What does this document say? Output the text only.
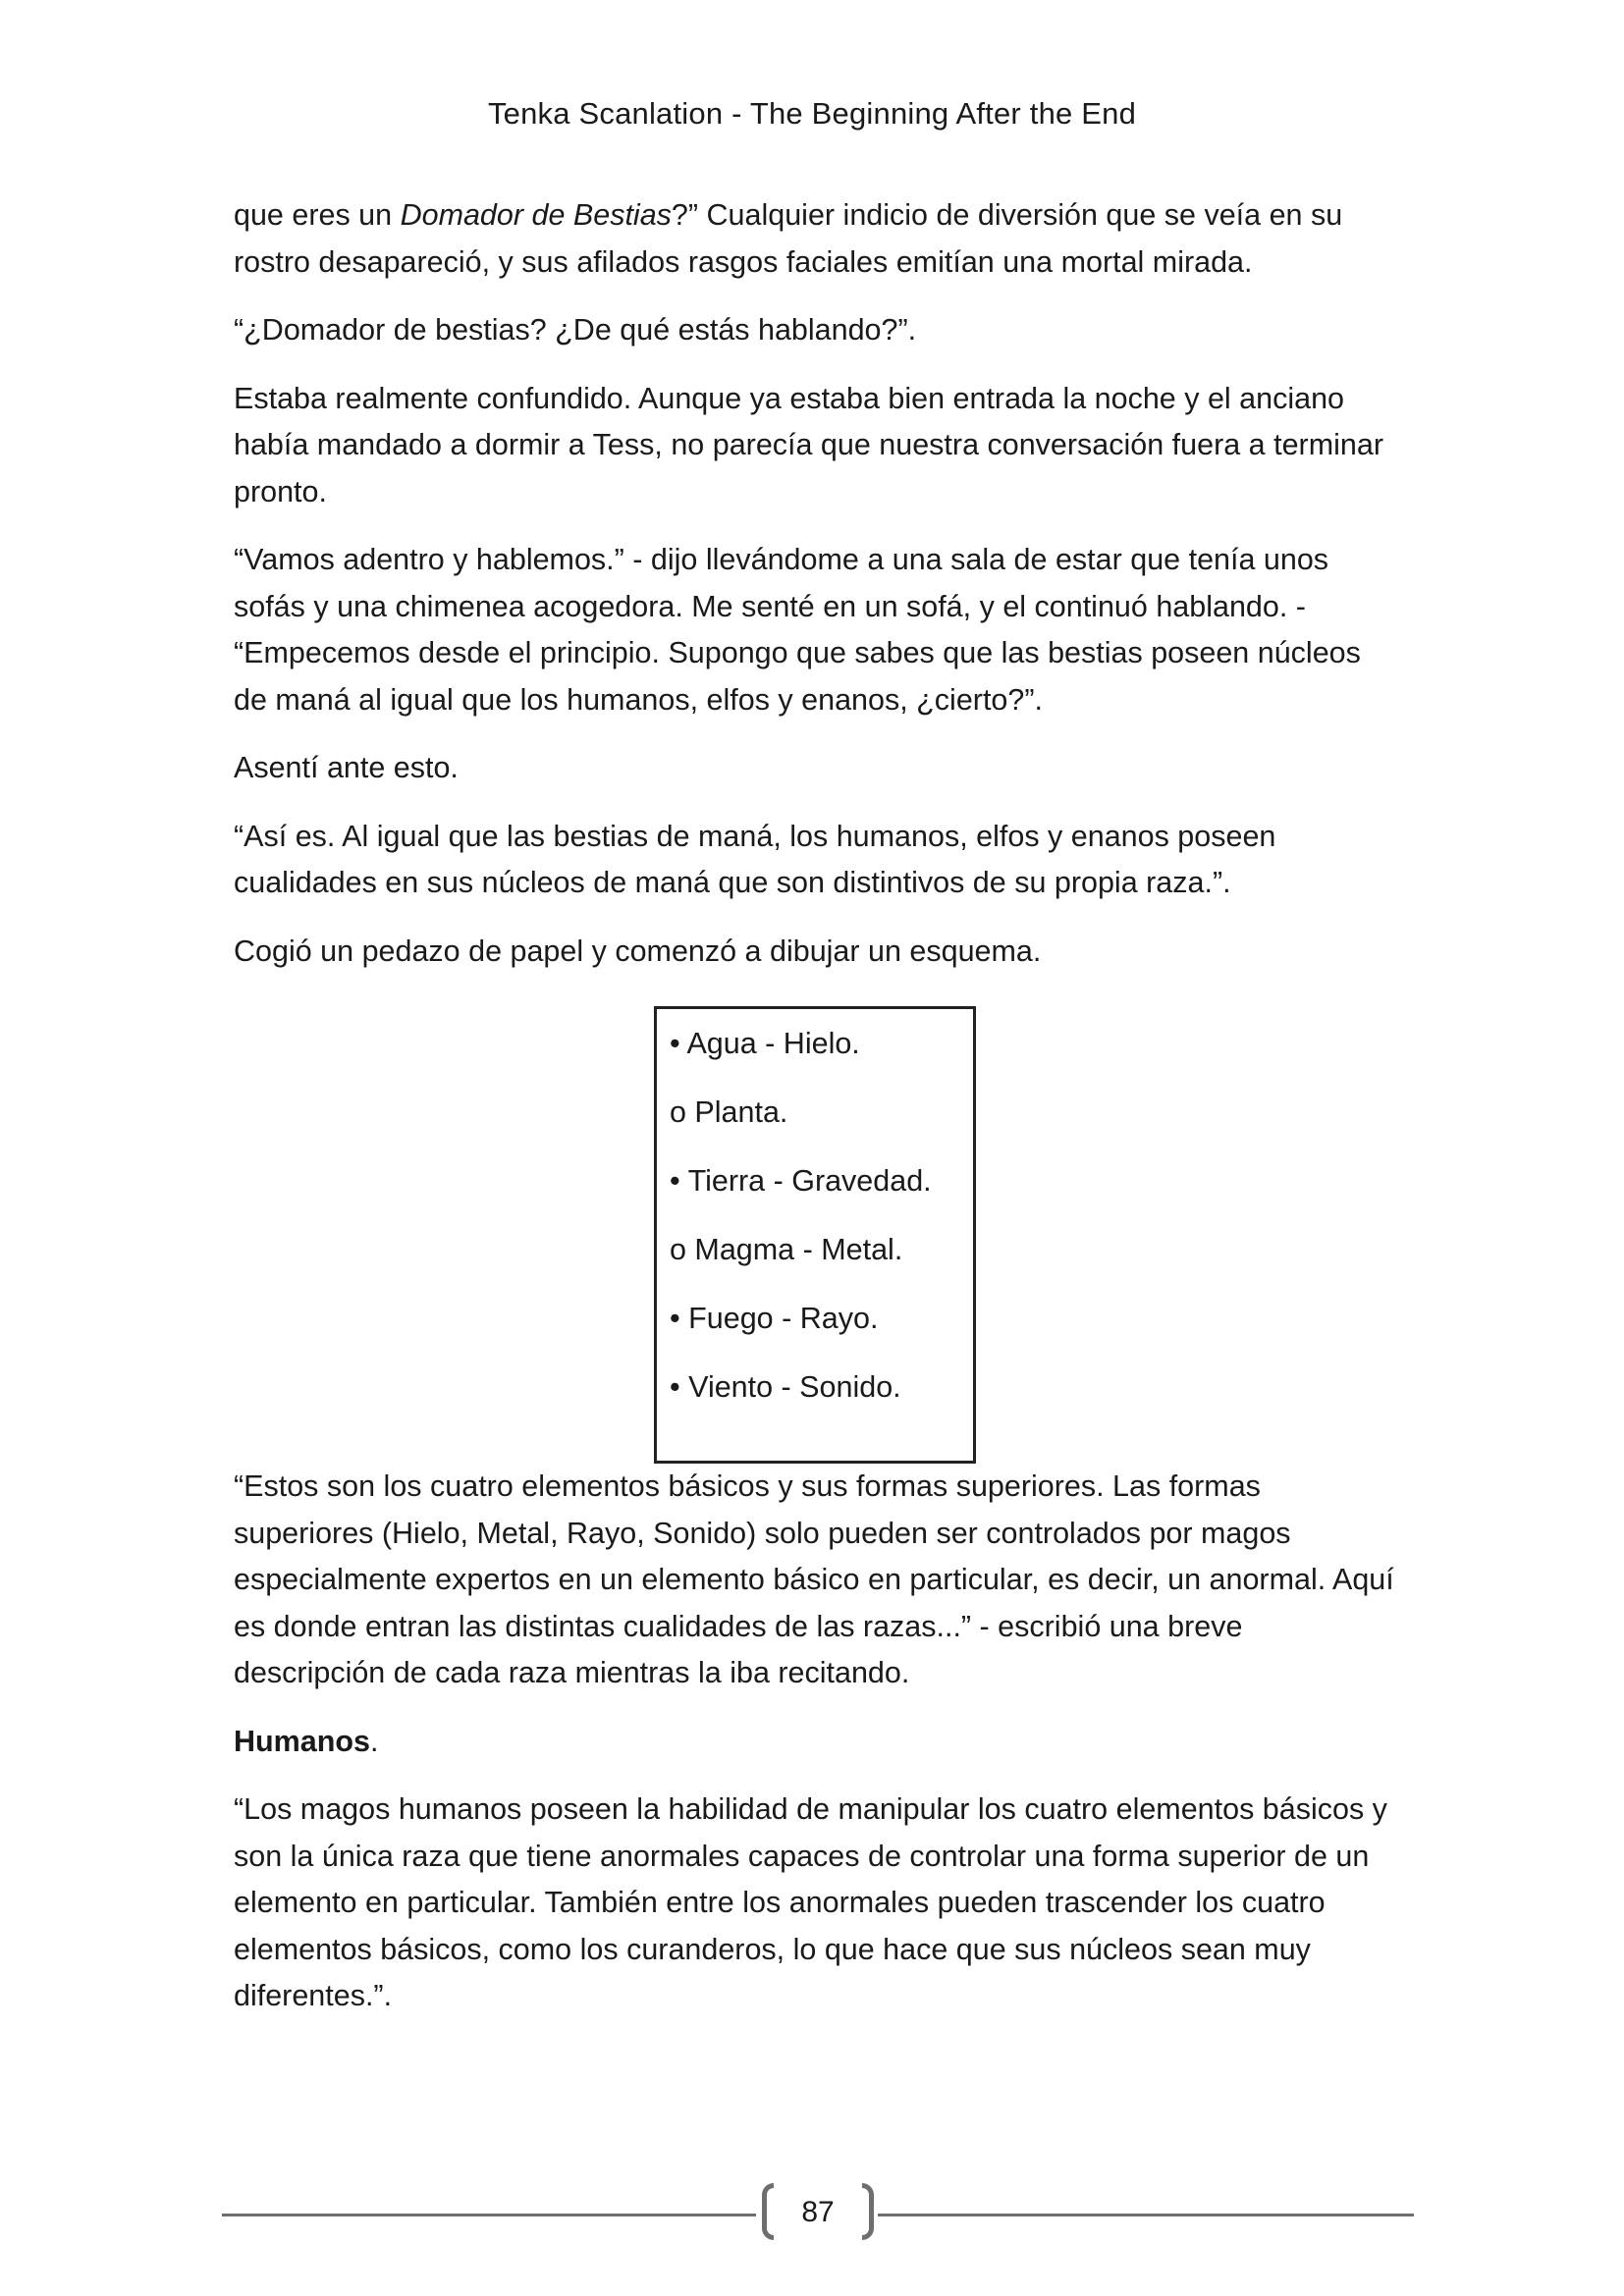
Tenka Scanlation - The Beginning After the End

que eres un Domador de Bestias?” Cualquier indicio de diversión que se veía en su rostro desapareció, y sus afilados rasgos faciales emitían una mortal mirada.

“¿Domador de bestias? ¿De qué estás hablando?”.

Estaba realmente confundido. Aunque ya estaba bien entrada la noche y el anciano había mandado a dormir a Tess, no parecía que nuestra conversación fuera a terminar pronto.

“Vamos adentro y hablemos.” - dijo llevándome a una sala de estar que tenía unos sofás y una chimenea acogedora. Me senté en un sofá, y el continuó hablando. - “Empecemos desde el principio. Supongo que sabes que las bestias poseen núcleos de maná al igual que los humanos, elfos y enanos, ¿cierto?”.

Asentí ante esto.

“Así es. Al igual que las bestias de maná, los humanos, elfos y enanos poseen cualidades en sus núcleos de maná que son distintivos de su propia raza.”.

Cogió un pedazo de papel y comenzó a dibujar un esquema.

• Agua - Hielo.
o Planta.
• Tierra - Gravedad.
o Magma - Metal.
• Fuego - Rayo.
• Viento - Sonido.

“Estos son los cuatro elementos básicos y sus formas superiores. Las formas superiores (Hielo, Metal, Rayo, Sonido) solo pueden ser controlados por magos especialmente expertos en un elemento básico en particular, es decir, un anormal. Aquí es donde entran las distintas cualidades de las razas...” - escribió una breve descripción de cada raza mientras la iba recitando.

Humanos.

“Los magos humanos poseen la habilidad de manipular los cuatro elementos básicos y son la única raza que tiene anormales capaces de controlar una forma superior de un elemento en particular. También entre los anormales pueden trascender los cuatro elementos básicos, como los curanderos, lo que hace que sus núcleos sean muy diferentes.”.

87
